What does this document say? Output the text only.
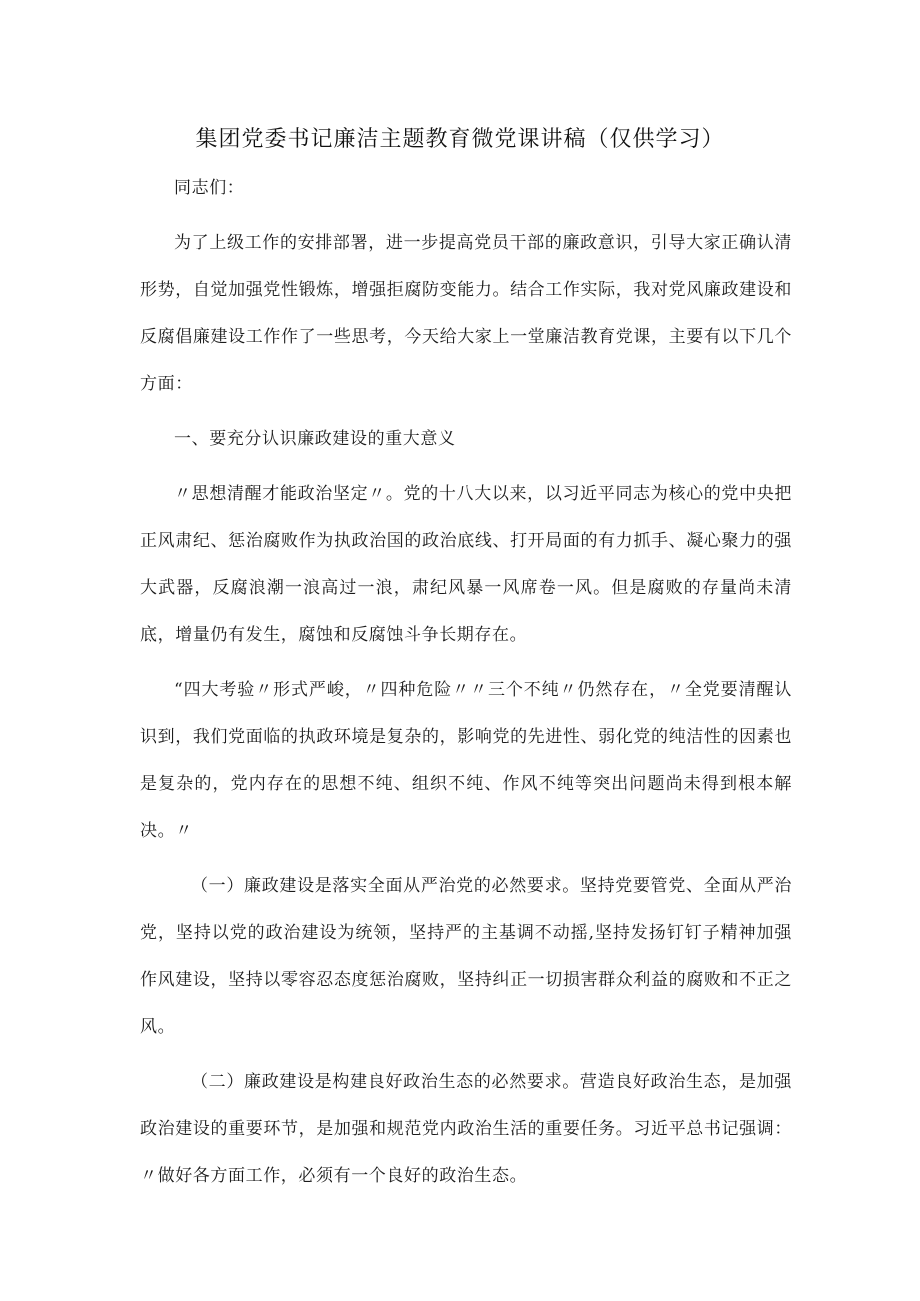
集团党委书记廉洁主题教育微党课讲稿（仅供学习）

同志们：

为了上级工作的安排部署，进一步提高党员干部的廉政意识，引导大家正确认清形势，自觉加强党性锻炼，增强拒腐防变能力。结合工作实际，我对党风廉政建设和反腐倡廉建设工作作了一些思考，今天给大家上一堂廉洁教育党课，主要有以下几个方面：

一、要充分认识廉政建设的重大意义

〃思想清醒才能政治坚定〃。党的十八大以来，以习近平同志为核心的党中央把正风肃纪、惩治腐败作为执政治国的政治底线、打开局面的有力抓手、凝心聚力的强大武器，反腐浪潮一浪高过一浪，肃纪风暴一风席卷一风。但是腐败的存量尚未清底，增量仍有发生，腐蚀和反腐蚀斗争长期存在。

“四大考验〃形式严峻，〃四种危险〃〃三个不纯〃仍然存在，〃全党要清醒认识到，我们党面临的执政环境是复杂的，影响党的先进性、弱化党的纯洁性的因素也是复杂的，党内存在的思想不纯、组织不纯、作风不纯等突出问题尚未得到根本解决。〃

（一）廉政建设是落实全面从严治党的必然要求。坚持党要管党、全面从严治党，坚持以党的政治建设为统领，坚持严的主基调不动摇,坚持发扬钉钉子精神加强作风建设，坚持以零容忍态度惩治腐败，坚持纠正一切损害群众利益的腐败和不正之风。

（二）廉政建设是构建良好政治生态的必然要求。营造良好政治生态，是加强政治建设的重要环节，是加强和规范党内政治生活的重要任务。习近平总书记强调：〃做好各方面工作，必须有一个良好的政治生态。
